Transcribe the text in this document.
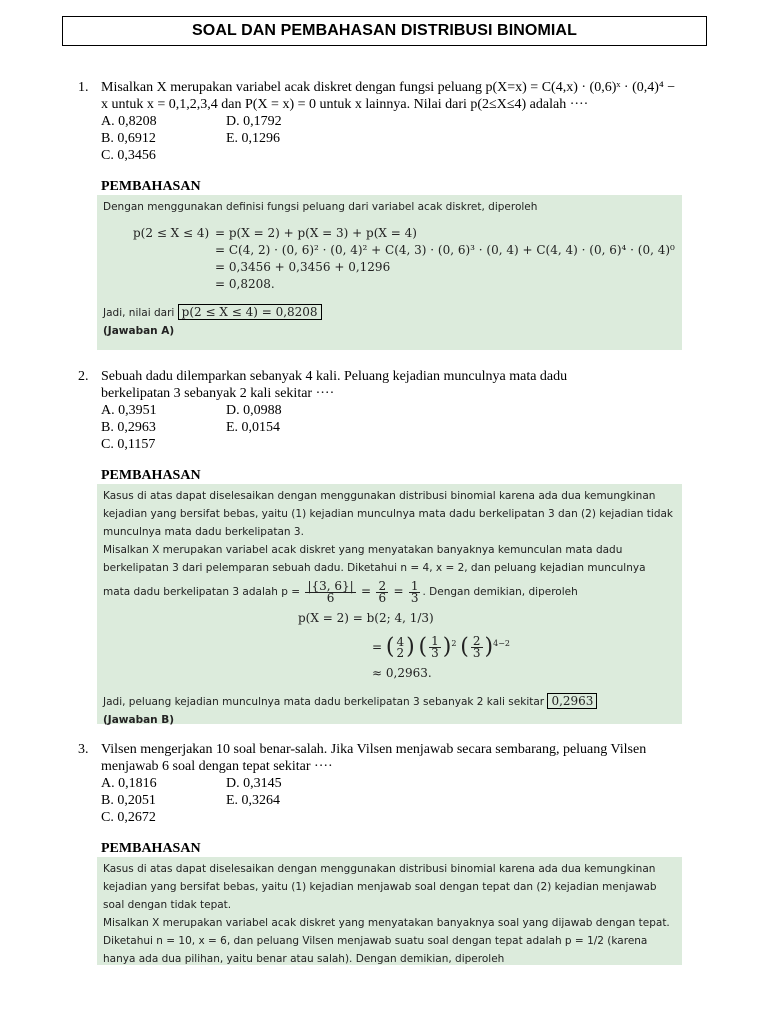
SOAL DAN PEMBAHASAN DISTRIBUSI BINOMIAL
1. Misalkan X merupakan variabel acak diskret dengan fungsi peluang p(X=x) = C(4,x) · (0,6)ˣ · (0,4)⁴ −
x untuk x = 0,1,2,3,4 dan P(X = x) = 0 untuk x lainnya. Nilai dari p(2≤X≤4) adalah ····
A. 0,8208	D. 0,1792
B. 0,6912	E. 0,1296
C. 0,3456
PEMBAHASAN
Dengan menggunakan definisi fungsi peluang dari variabel acak diskret, diperoleh
p(2 ≤ X ≤ 4) = p(X = 2) + p(X = 3) + p(X = 4)
= C(4, 2) · (0, 6)² · (0, 4)² + C(4, 3) · (0, 6)³ · (0, 4) + C(4, 4) · (0, 6)⁴ · (0, 4)⁰
= 0,3456 + 0,3456 + 0,1296
= 0,8208.
Jadi, nilai dari p(2 ≤ X ≤ 4) = 0,8208
(Jawaban A)
2. Sebuah dadu dilemparkan sebanyak 4 kali. Peluang kejadian munculnya mata dadu
berkelipatan 3 sebanyak 2 kali sekitar ····
A. 0,3951	D. 0,0988
B. 0,2963	E. 0,0154
C. 0,1157
PEMBAHASAN
Kasus di atas dapat diselesaikan dengan menggunakan distribusi binomial karena ada dua kemungkinan
kejadian yang bersifat bebas, yaitu (1) kejadian munculnya mata dadu berkelipatan 3 dan (2) kejadian tidak
munculnya mata dadu berkelipatan 3.
Misalkan X merupakan variabel acak diskret yang menyatakan banyaknya kemunculan mata dadu
berkelipatan 3 dari pelemparan sebuah dadu. Diketahui n = 4, x = 2, dan peluang kejadian munculnya
mata dadu berkelipatan 3 adalah $p = \frac{|\{3, 6\}|}{6} = \frac{2}{6} = \frac{1}{3}$ . Dengan demikian, diperoleh
p(X = 2) = b(2; 4, 1/3)
= ( 4
2 ) ( $\frac{1}{3} )^2$ ( $\frac{2}{3} )^{4-2}$
≈ 0,2963.
Jadi, peluang kejadian munculnya mata dadu berkelipatan 3 sebanyak 2 kali sekitar 0,2963
(Jawaban B)
3. Vilsen mengerjakan 10 soal benar-salah. Jika Vilsen menjawab secara sembarang, peluang Vilsen
menjawab 6 soal dengan tepat sekitar ····
A. 0,1816	D. 0,3145
B. 0,2051	E. 0,3264
C. 0,2672
PEMBAHASAN
Kasus di atas dapat diselesaikan dengan menggunakan distribusi binomial karena ada dua kemungkinan
kejadian yang bersifat bebas, yaitu (1) kejadian menjawab soal dengan tepat dan (2) kejadian menjawab
soal dengan tidak tepat.
Misalkan X merupakan variabel acak diskret yang menyatakan banyaknya soal yang dijawab dengan tepat.
Diketahui n = 10, x = 6, dan peluang Vilsen menjawab suatu soal dengan tepat adalah p = 1/2 (karena
hanya ada dua pilihan, yaitu benar atau salah). Dengan demikian, diperoleh
